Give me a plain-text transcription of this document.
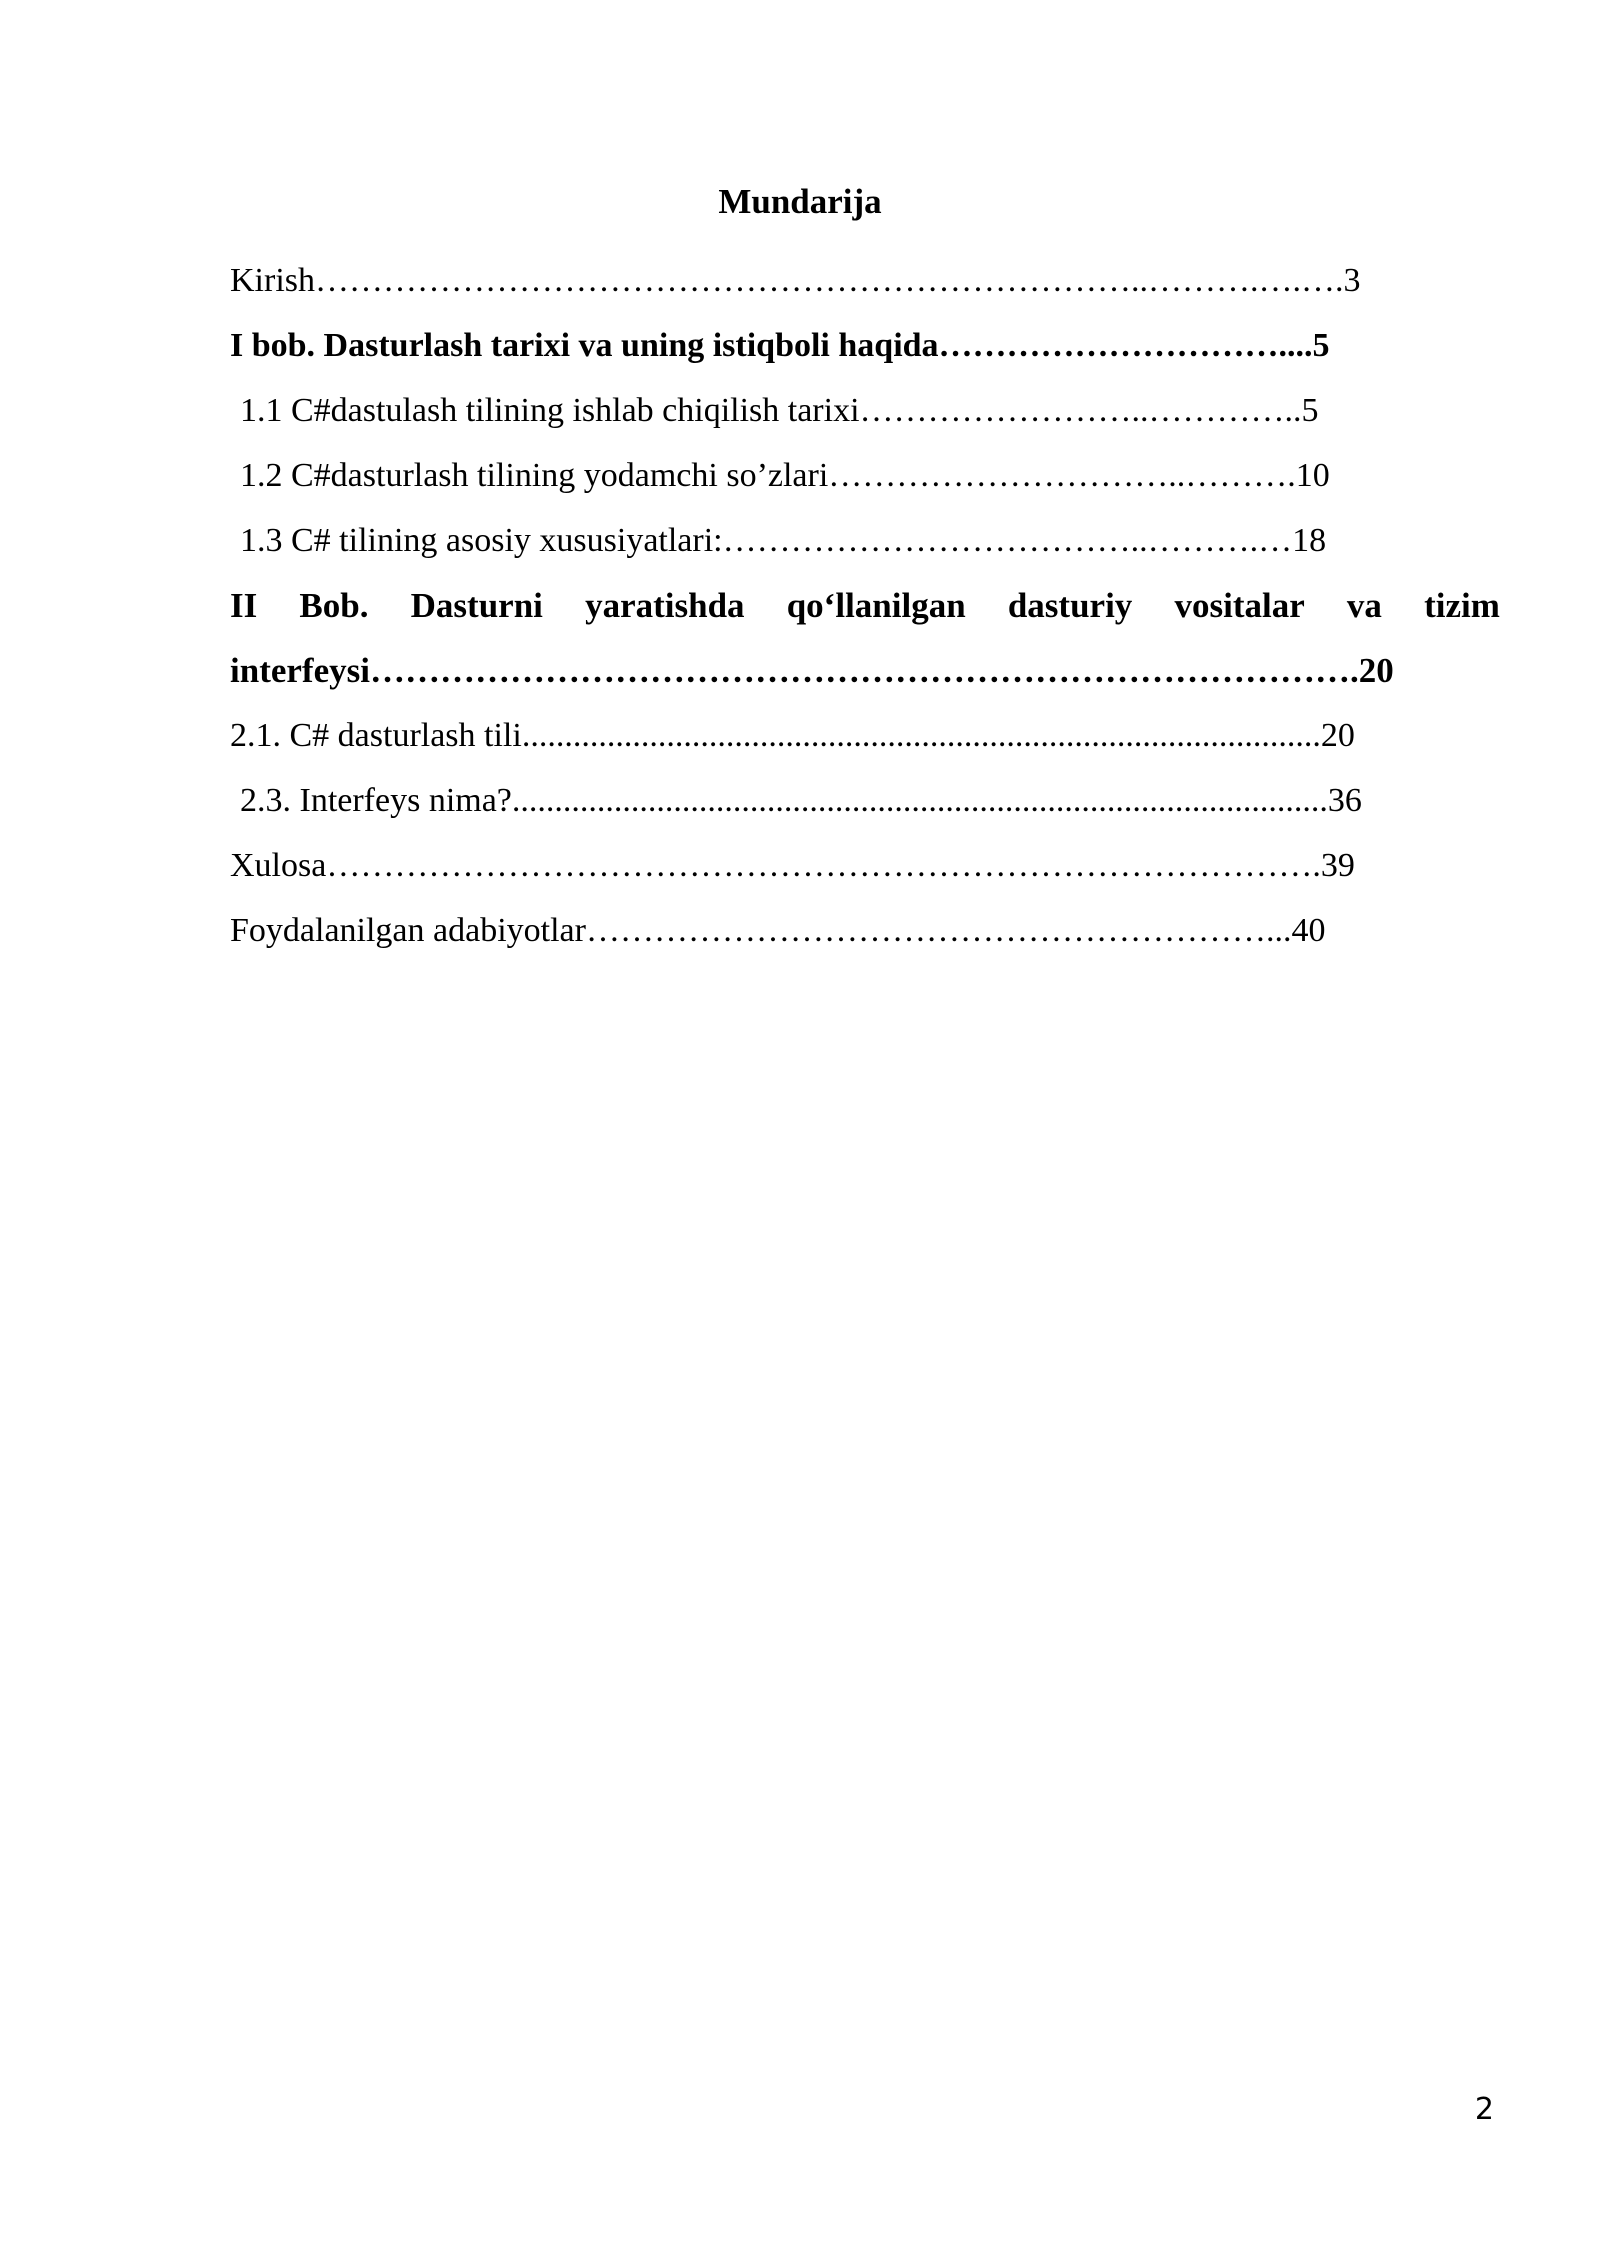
Mundarija
Kirish………………………………………………………………..……….….….3
I bob. Dasturlash tarixi va uning istiqboli haqida…………………………....5
1.1 C#dastulash tilining ishlab chiqilish tarixi……………………..…………..5
1.2 C#dasturlash tilining yodamchi so’zlari…………………………..……….10
1.3 C# tilining asosiy xususiyatlari:………………………………..……….…18
II Bob. Dasturni yaratishda qo‘llanilgan dasturiy vositalar va tizim
interfeysi………………………………………………………………………….20
2.1. C# dasturlash tili..............................................................................................20
2.3. Interfeys nima?................................................................................................36
Xulosa…………………………………………………………………………….39
Foydalanilgan adabiyotlar……………………………………………………...40
2
